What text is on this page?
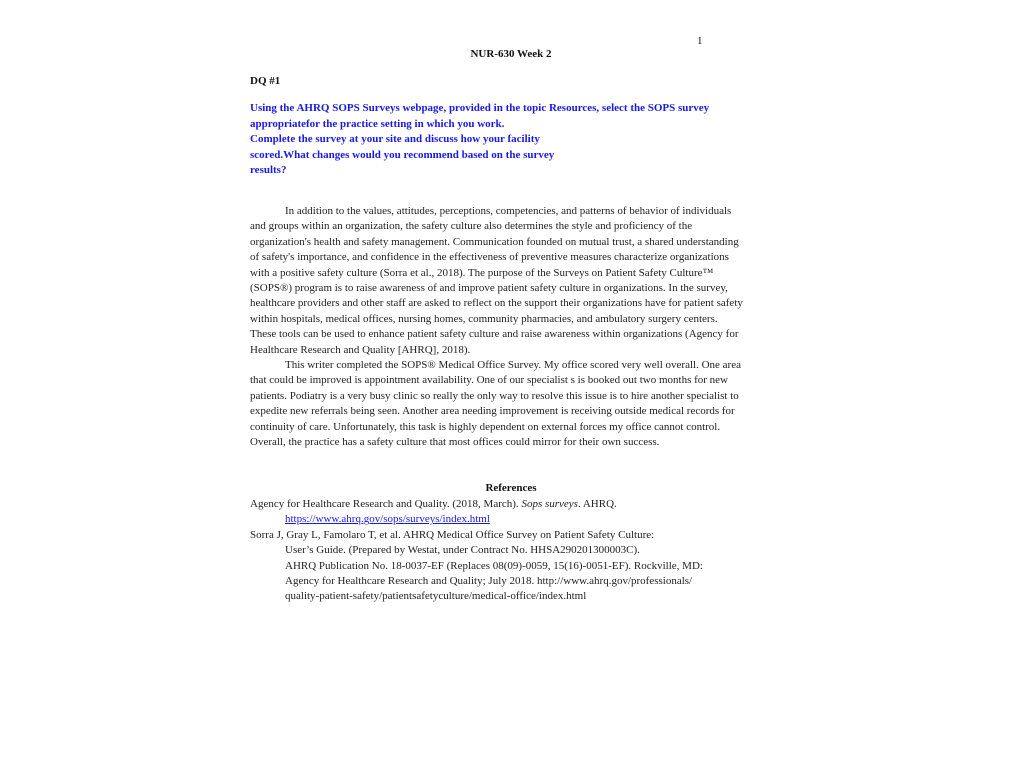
1
NUR-630 Week 2
DQ #1
Using the AHRQ SOPS Surveys webpage, provided in the topic Resources, select the SOPS survey
appropriatefor the practice setting in which you work.
Complete the survey at your site and discuss how your facility
scored.What changes would you recommend based on the survey
results?
In addition to the values, attitudes, perceptions, competencies, and patterns of behavior of individuals
and groups within an organization, the safety culture also determines the style and proficiency of the
organization's health and safety management. Communication founded on mutual trust, a shared understanding
of safety's importance, and confidence in the effectiveness of preventive measures characterize organizations
with a positive safety culture (Sorra et al., 2018). The purpose of the Surveys on Patient Safety Culture™
(SOPS®) program is to raise awareness of and improve patient safety culture in organizations. In the survey,
healthcare providers and other staff are asked to reflect on the support their organizations have for patient safety
within hospitals, medical offices, nursing homes, community pharmacies, and ambulatory surgery centers.
These tools can be used to enhance patient safety culture and raise awareness within organizations (Agency for
Healthcare Research and Quality [AHRQ], 2018).
This writer completed the SOPS® Medical Office Survey. My office scored very well overall. One area
that could be improved is appointment availability. One of our specialist s is booked out two months for new
patients. Podiatry is a very busy clinic so really the only way to resolve this issue is to hire another specialist to
expedite new referrals being seen. Another area needing improvement is receiving outside medical records for
continuity of care. Unfortunately, this task is highly dependent on external forces my office cannot control.
Overall, the practice has a safety culture that most offices could mirror for their own success.
References
Agency for Healthcare Research and Quality. (2018, March). Sops surveys. AHRQ.
https://www.ahrq.gov/sops/surveys/index.html
Sorra J, Gray L, Famolaro T, et al. AHRQ Medical Office Survey on Patient Safety Culture:
User’s Guide. (Prepared by Westat, under Contract No. HHSA290201300003C).
AHRQ Publication No. 18-0037-EF (Replaces 08(09)-0059, 15(16)-0051-EF). Rockville, MD:
Agency for Healthcare Research and Quality; July 2018. http://www.ahrq.gov/professionals/
quality-patient-safety/patientsafetyculture/medical-office/index.html
